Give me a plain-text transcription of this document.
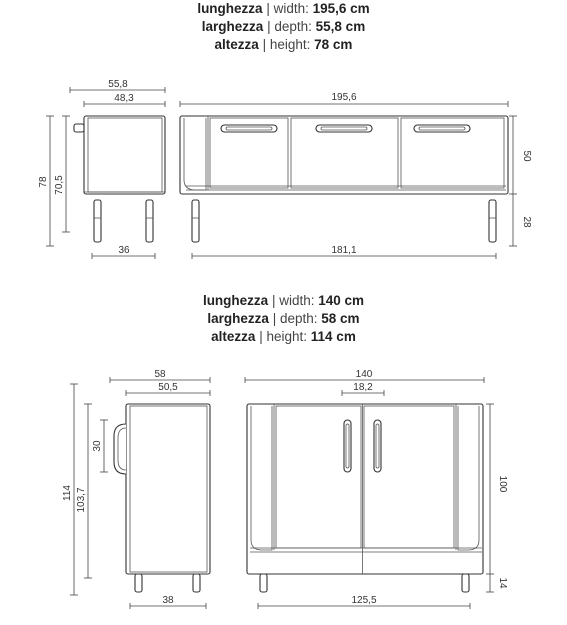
lunghezza | width: 195,6 cm
larghezza | depth: 55,8 cm
altezza | height: 78 cm
lunghezza | width: 140 cm
larghezza | depth: 58 cm
altezza | height: 114 cm
55,8
48,3
78 70,5
36
195,6
50
28
181,1
58
50,5
114 103,7
30
38
140
18,2
100
14
125,5
